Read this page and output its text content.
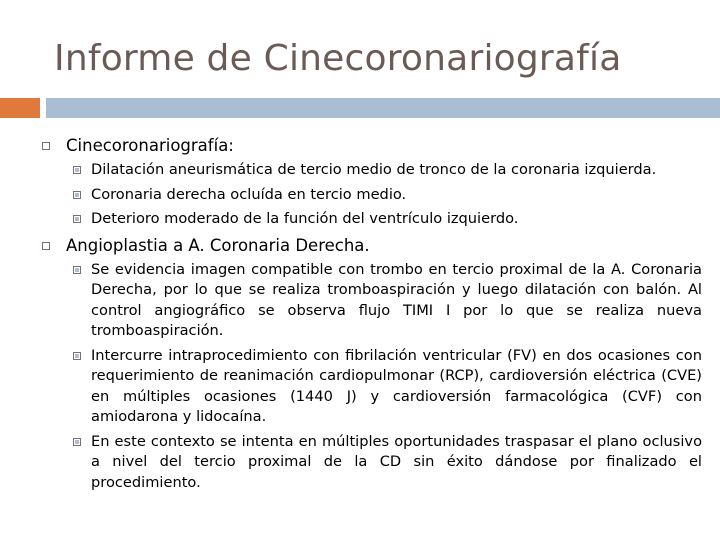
Informe de Cinecoronariografía
Cinecoronariografía:
Dilatación aneurismática de tercio medio de tronco de la coronaria izquierda.
Coronaria derecha ocluída en tercio medio.
Deterioro moderado de la función del ventrículo izquierdo.
Angioplastia a A. Coronaria Derecha.
Se evidencia imagen compatible con trombo en tercio proximal de la A. Coronaria Derecha, por lo que se realiza tromboaspiración y luego dilatación con balón. Al control angiográfico se observa flujo TIMI I por lo que se realiza nueva tromboaspiración.
Intercurre intraprocedimiento con fibrilación ventricular (FV) en dos ocasiones con requerimiento de reanimación cardiopulmonar (RCP), cardioversión eléctrica (CVE) en múltiples ocasiones (1440 J) y cardioversión farmacológica (CVF) con amiodarona y lidocaína.
En este contexto se intenta en múltiples oportunidades traspasar el plano oclusivo a nivel del tercio proximal de la CD sin éxito dándose por finalizado el procedimiento.
